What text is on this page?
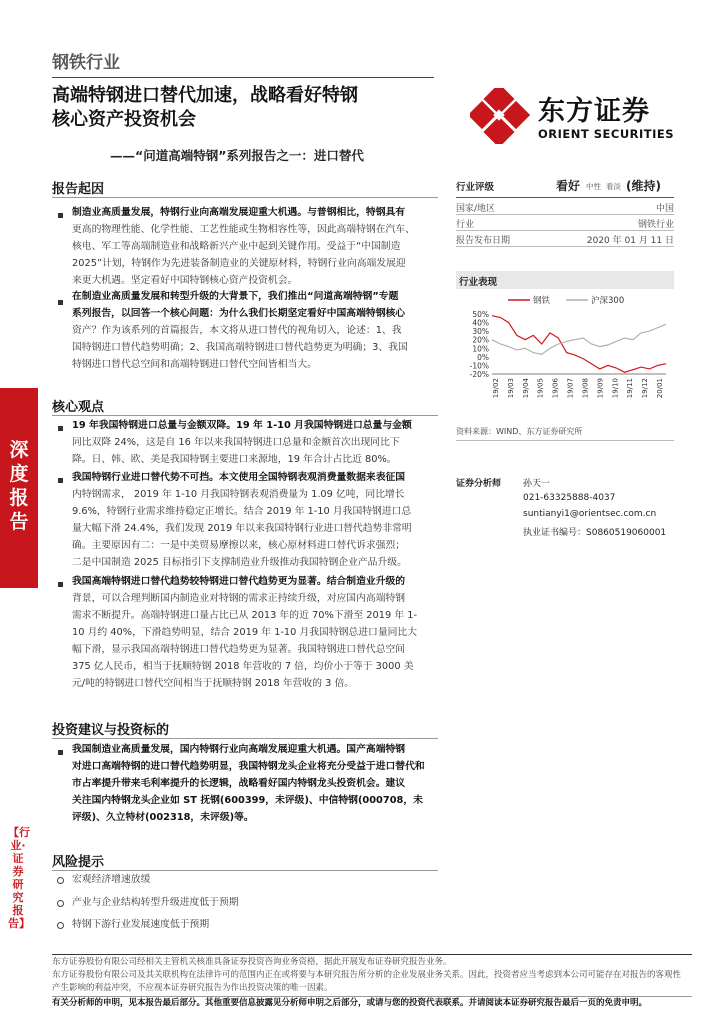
钢铁行业
高端特钢进口替代加速，战略看好特钢
核心资产投资机会
——“问道高端特钢”系列报告之一：进口替代
东方证券
ORIENT SECURITIES
深
度
报
告
【行业·证券研究报告】
报告起因
制造业高质量发展，特钢行业向高端发展迎重大机遇。与普钢相比，特钢具有
更高的物理性能、化学性能、工艺性能或生物相容性等，因此高端特钢在汽车、
核电、军工等高端制造业和战略新兴产业中起到关键作用。受益于“中国制造
2025”计划，特钢作为先进装备制造业的关键原材料，特钢行业向高端发展迎
来更大机遇。坚定看好中国特钢核心资产投资机会。
在制造业高质量发展和转型升级的大背景下，我们推出“问道高端特钢”专题
系列报告，以回答一个核心问题：为什么我们长期坚定看好中国高端特钢核心
资产？作为该系列的首篇报告，本文将从进口替代的视角切入，论述：1、我
国特钢进口替代趋势明确；2、我国高端特钢进口替代趋势更为明确；3、我国
特钢进口替代总空间和高端特钢进口替代空间皆相当大。
核心观点
19 年我国特钢进口总量与金额双降。19 年 1-10 月我国特钢进口总量与金额
同比双降 24%，这是自 16 年以来我国特钢进口总量和金额首次出现同比下
降。日、韩、欧、美是我国特钢主要进口来源地，19 年合计占比近 80%。
我国特钢行业进口替代势不可挡。本文使用全国特钢表观消费量数据来表征国
内特钢需求， 2019 年 1-10 月我国特钢表观消费量为 1.09 亿吨，同比增长
9.6%，特钢行业需求维持稳定正增长。结合 2019 年 1-10 月我国特钢进口总
量大幅下滑 24.4%，我们发现 2019 年以来我国特钢行业进口替代趋势非常明
确。主要原因有二：一是中美贸易摩擦以来，核心原材料进口替代诉求强烈；
二是中国制造 2025 目标指引下支撑制造业升级推动我国特钢企业产品升级。
我国高端特钢进口替代趋势较特钢进口替代趋势更为显著。结合制造业升级的
背景，可以合理判断国内制造业对特钢的需求正持续升级，对应国内高端特钢
需求不断提升。高端特钢进口量占比已从 2013 年的近 70%下滑至 2019 年 1-
10 月约 40%，下滑趋势明显，结合 2019 年 1-10 月我国特钢总进口量同比大
幅下滑，显示我国高端特钢进口替代趋势更为显著。我国特钢进口替代总空间
375 亿人民币，相当于抚顺特钢 2018 年营收的 7 倍，均价小于等于 3000 美
元/吨的特钢进口替代空间相当于抚顺特钢 2018 年营收的 3 倍。
投资建议与投资标的
我国制造业高质量发展，国内特钢行业向高端发展迎重大机遇。国产高端特钢
对进口高端特钢的进口替代趋势明显，我国特钢龙头企业将充分受益于进口替代和
市占率提升带来毛利率提升的长逻辑，战略看好国内特钢龙头投资机会。建议
关注国内特钢龙头企业如 ST 抚钢(600399，未评级)、中信特钢(000708，未
评级)、久立特材(002318，未评级)等。
风险提示
宏观经济增速放缓
产业与企业结构转型升级进度低于预期
特钢下游行业发展速度低于预期
行业评级	看好 中性 看淡 (维持)
国家/地区	中国
行业	钢铁行业
报告发布日期	2020 年 01 月 11 日
行业表现
钢铁	沪深300
50%
40%
30%
20%
10%
0%
-10%
-20%
19/02 19/03 19/04 19/05 19/06 19/07 19/08 19/09 19/10 19/11 19/12 20/01
资料来源：WIND、东方证券研究所
证券分析师 孙天一
021-63325888-4037
suntianyi1@orientsec.com.cn
执业证书编号：S0860519060001
东方证券股份有限公司经相关主管机关核准具备证券投资咨询业务资格，据此开展发布证券研究报告业务。
东方证券股份有限公司及其关联机构在法律许可的范围内正在或将要与本研究报告所分析的企业发展业务关系。因此，投资者应当考虑到本公司可能存在对报告的客观性
产生影响的利益冲突，不应视本证券研究报告为作出投资决策的唯一因素。
有关分析师的申明，见本报告最后部分。其他重要信息披露见分析师申明之后部分，或请与您的投资代表联系。并请阅读本证券研究报告最后一页的免责申明。
